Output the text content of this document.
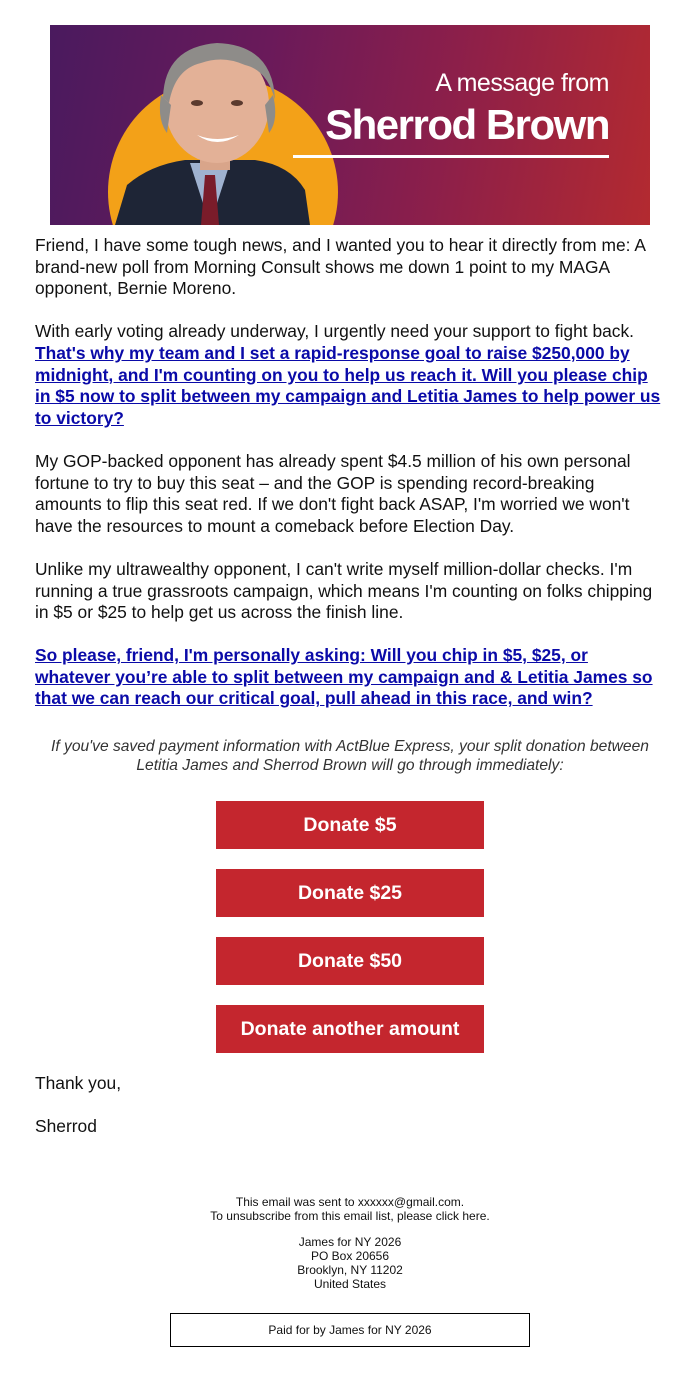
A message from
Sherrod Brown

Friend, I have some tough news, and I wanted you to hear it directly from me: A brand-new poll from Morning Consult shows me down 1 point to my MAGA opponent, Bernie Moreno.

With early voting already underway, I urgently need your support to fight back.
That's why my team and I set a rapid-response goal to raise $250,000 by midnight, and I'm counting on you to help us reach it. Will you please chip in $5 now to split between my campaign and Letitia James to help power us to victory?

My GOP-backed opponent has already spent $4.5 million of his own personal fortune to try to buy this seat – and the GOP is spending record-breaking amounts to flip this seat red. If we don't fight back ASAP, I'm worried we won't have the resources to mount a comeback before Election Day.

Unlike my ultrawealthy opponent, I can't write myself million-dollar checks. I'm running a true grassroots campaign, which means I'm counting on folks chipping in $5 or $25 to help get us across the finish line.

So please, friend, I'm personally asking: Will you chip in $5, $25, or whatever you’re able to split between my campaign and & Letitia James so that we can reach our critical goal, pull ahead in this race, and win?

If you've saved payment information with ActBlue Express, your split donation between Letitia James and Sherrod Brown will go through immediately:
Donate $5
Donate $25
Donate $50
Donate another amount
Thank you,
Sherrod
This email was sent to xxxxxx@gmail.com.
To unsubscribe from this email list, please click here.
James for NY 2026
PO Box 20656
Brooklyn, NY 11202
United States
Paid for by James for NY 2026
